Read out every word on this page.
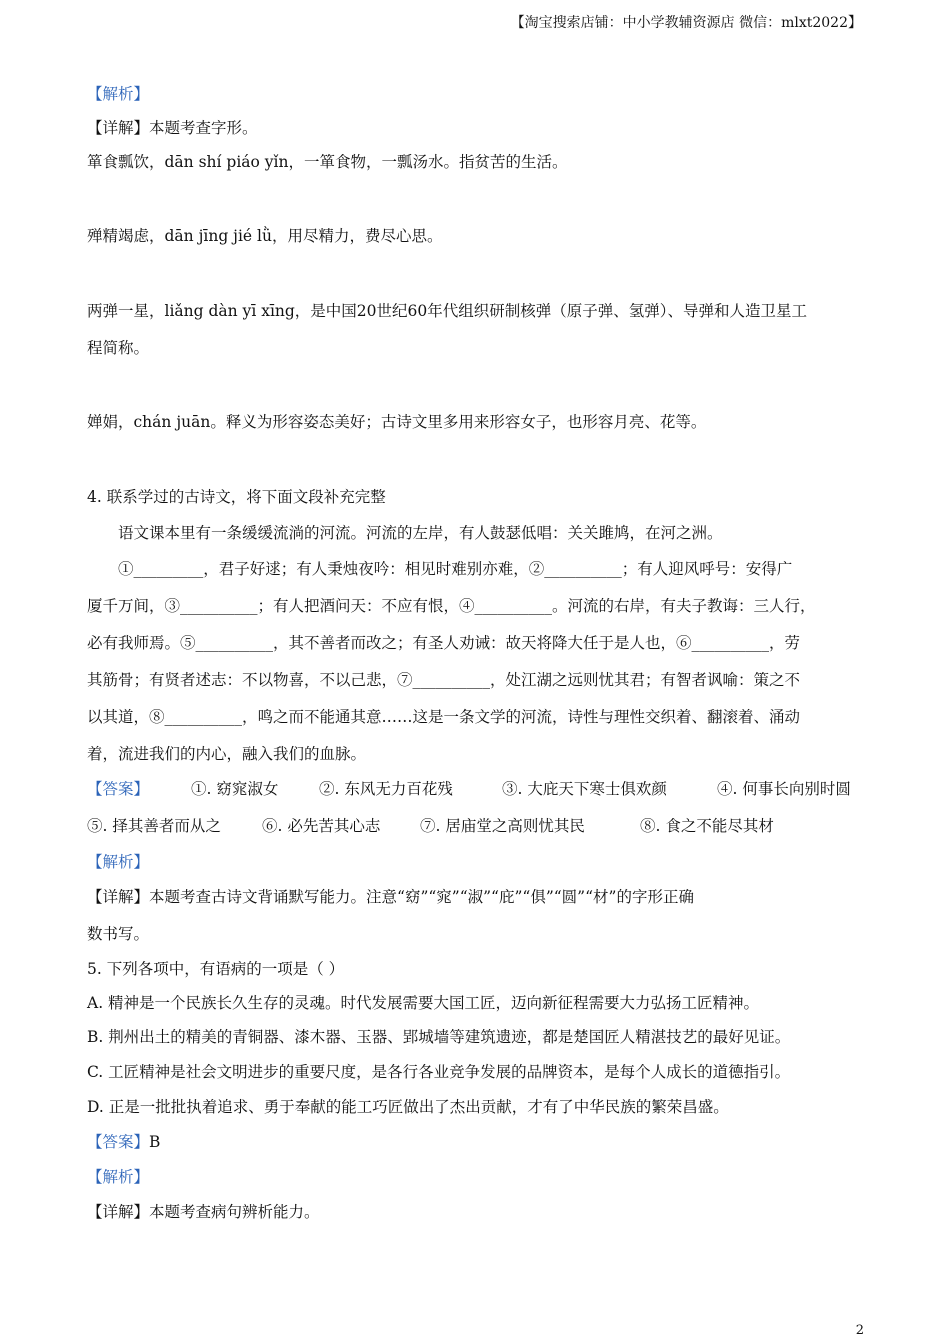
【淘宝搜索店铺：中小学教辅资源店 微信：mlxt2022】
【解析】
【详解】本题考查字形。
箪食瓢饮，dān shí piáo yǐn，一箪食物，一瓢汤水。指贫苦的生活。
殚精竭虑，dān jīng jié lǜ，用尽精力，费尽心思。
两弹一星，liǎng dàn yī xīng，是中国20世纪60年代组织研制核弹（原子弹、氢弹）、导弹和人造卫星工
程简称。
婵娟，chán juān。释义为形容姿态美好；古诗文里多用来形容女子，也形容月亮、花等。
4. 联系学过的古诗文，将下面文段补充完整
语文课本里有一条缓缓流淌的河流。河流的左岸，有人鼓瑟低唱：关关雎鸠，在河之洲。
①_________，君子好逑；有人秉烛夜吟：相见时难别亦难，②__________；有人迎风呼号：安得广
厦千万间，③__________；有人把酒问天：不应有恨，④__________。河流的右岸，有夫子教诲：三人行，
必有我师焉。⑤__________，其不善者而改之；有圣人劝诫：故天将降大任于是人也，⑥__________，劳
其筋骨；有贤者述志：不以物喜，不以己悲，⑦__________，处江湖之远则忧其君；有智者讽喻：策之不
以其道，⑧__________，鸣之而不能通其意……这是一条文学的河流，诗性与理性交织着、翻滚着、涌动
着，流进我们的内心，融入我们的血脉。
【答案】	①. 窈窕淑女	②. 东风无力百花残	③. 大庇天下寒士俱欢颜	④. 何事长向别时圆
⑤. 择其善者而从之	⑥. 必先苦其心志	⑦. 居庙堂之高则忧其民	⑧. 食之不能尽其材
【解析】
【详解】本题考查古诗文背诵默写能力。注意“窈”“窕”“淑”“庇”“俱”“圆”“材”的字形正确
数书写。
5. 下列各项中，有语病的一项是（ ）
A. 精神是一个民族长久生存的灵魂。时代发展需要大国工匠，迈向新征程需要大力弘扬工匠精神。
B. 荆州出土的精美的青铜器、漆木器、玉器、郢城墙等建筑遗迹，都是楚国匠人精湛技艺的最好见证。
C. 工匠精神是社会文明进步的重要尺度，是各行各业竞争发展的品牌资本，是每个人成长的道德指引。
D. 正是一批批执着追求、勇于奉献的能工巧匠做出了杰出贡献，才有了中华民族的繁荣昌盛。
【答案】B
【解析】
【详解】本题考查病句辨析能力。
2
